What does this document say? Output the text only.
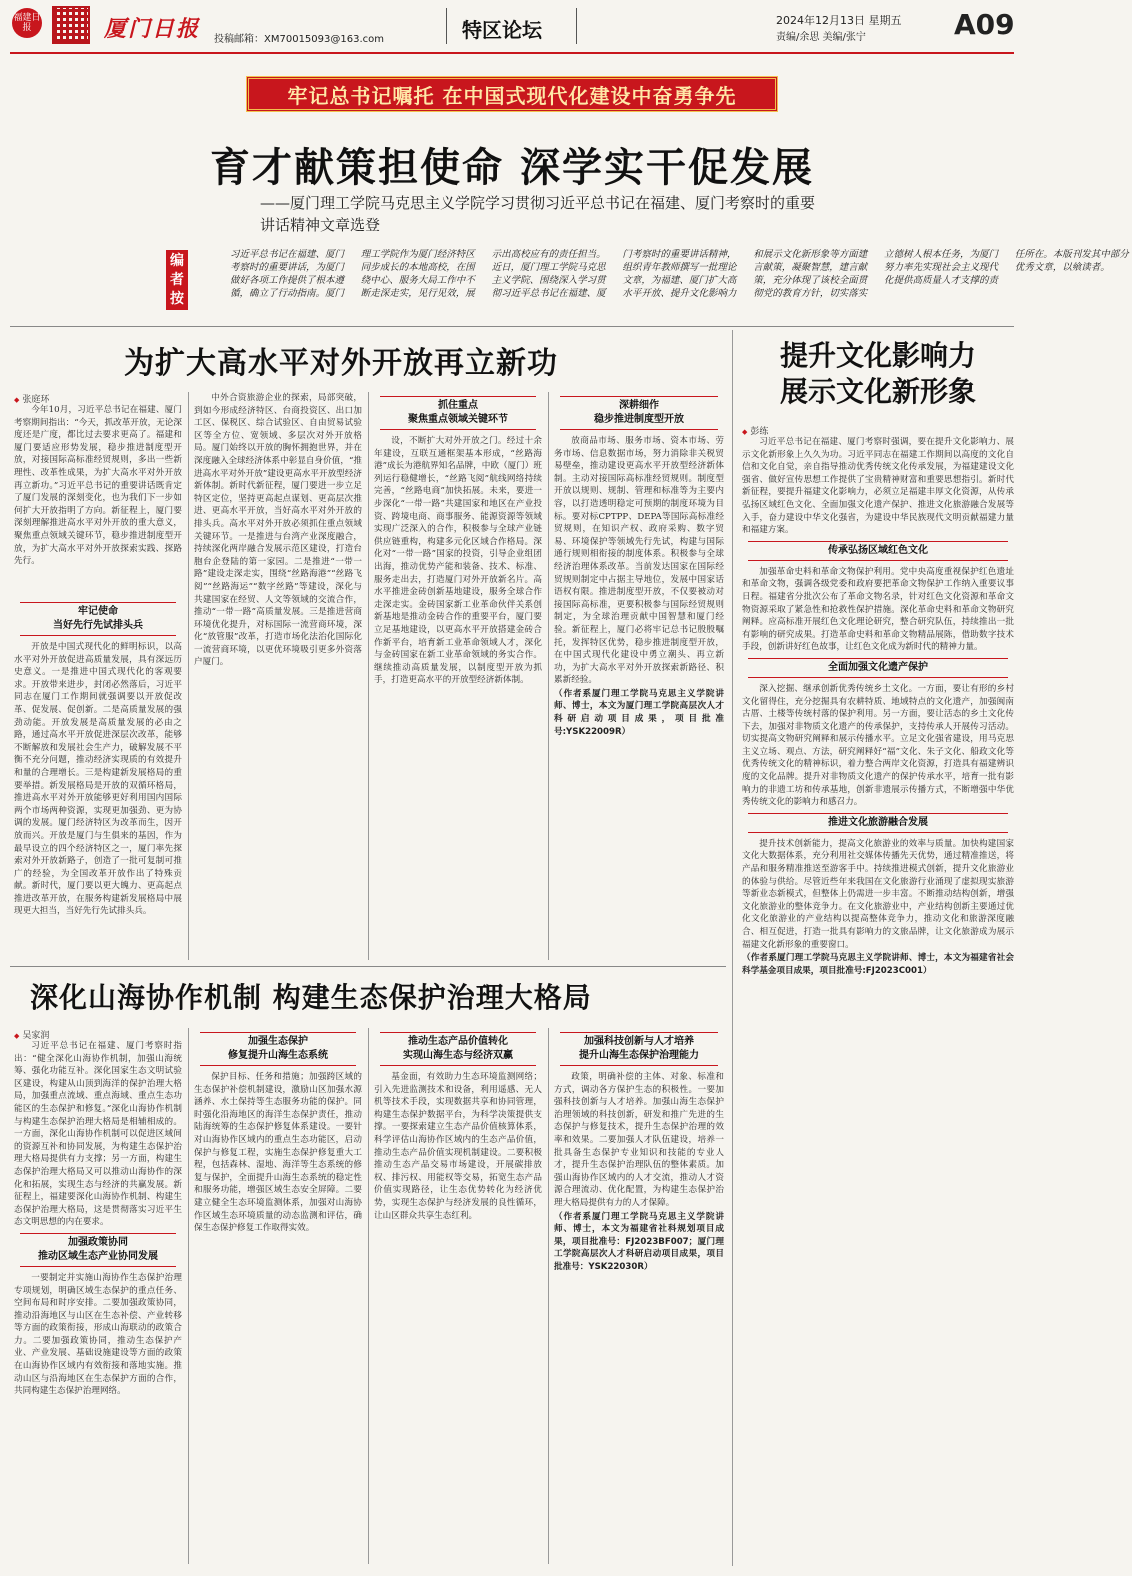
福建日报	厦门日报 投稿邮箱：XM70015093@163.com	特区论坛	2024年12月13日 星期五
责编/余思 美编/张宁	A09
牢记总书记嘱托 在中国式现代化建设中奋勇争先
育才献策担使命 深学实干促发展
——厦门理工学院马克思主义学院学习贯彻习近平总书记在福建、厦门考察时的重要讲话精神文章选登
编者按
习近平总书记在福建、厦门考察时的重要讲话，为厦门做好各项工作提供了根本遵循，确立了行动指南。厦门理工学院作为厦门经济特区同步成长的本地高校，在围绕中心、服务大局工作中不断走深走实，见行见效，展示出高校应有的责任担当。近日，厦门理工学院马克思主义学院、围绕深入学习贯彻习近平总书记在福建、厦门考察时的重要讲话精神，组织青年教师撰写一批理论文章，为福建、厦门扩大高水平开放、提升文化影响力和展示文化新形象等方面建言献策，凝聚智慧，建言献策，充分体现了该校全面贯彻党的教育方针，切实落实立德树人根本任务，为厦门努力率先实现社会主义现代化提供高质量人才支撑的责任所在。本版刊发其中部分优秀文章，以飨读者。
为扩大高水平对外开放再立新功
◆ 张庭环

今年10月，习近平总书记在福建、厦门考察期间指出：“今天，抓改革开放，无论深度还是广度，都比过去要求更高了。福建和厦门要适应形势发展，稳步推进制度型开放，对接国际高标准经贸规则，多出一些新理性、改革性成果，为扩大高水平对外开放再立新功。”习近平总书记的重要讲话既肯定了厦门发展的深刻变化，也为我们下一步如何扩大开放指明了方向。新征程上，厦门要深刻理解推进高水平对外开放的重大意义，聚焦重点领域关键环节，稳步推进制度型开放，为扩大高水平对外开放探索实践、探路先行。

牢记使命
当好先行先试排头兵

开放是中国式现代化的鲜明标识，以高水平对外开放促进高质量发展，具有深远历史意义。一是推进中国式现代化的客观要求。开放带来进步，封闭必然落后，习近平同志在厦门工作期间就强调要以开放促改革、促发展、促创新。二是高质量发展的强劲动能。开放发展是高质量发展的必由之路，通过高水平开放促进深层次改革，能够不断解放和发展社会生产力，破解发展不平衡不充分问题，推动经济实现质的有效提升和量的合理增长。三是构建新发展格局的重要举措。新发展格局是开放的双循环格局，推进高水平对外开放能够更好利用国内国际两个市场两种资源，实现更加强劲、更为协调的发展。厦门经济特区为改革而生，因开放而兴。开放是厦门与生俱来的基因，作为最早设立的四个经济特区之一，厦门率先探索对外开放新路子，创造了一批可复制可推广的经验，为全国改革开放作出了特殊贡献。新时代，厦门要以更大魄力、更高起点推进改革开放，在服务构建新发展格局中展现更大担当，当好先行先试排头兵。

中外合资旅游企业的探索，局部突破，到如今形成经济特区、台商投资区、出口加工区、保税区、综合试验区、自由贸易试验区等全方位、宽领域、多层次对外开放格局。厦门始终以开放的胸怀拥抱世界，并在深度融入全球经济体系中彰显自身价值，“推进高水平对外开放”建设更高水平开放型经济新体制。新时代新征程，厦门要进一步立足特区定位，坚持更高起点谋划、更高层次推进、更高水平开放，当好高水平对外开放的排头兵。高水平对外开放必须抓住重点领域关键环节。一是推进与台湾产业深度融合，持续深化两岸融合发展示范区建设，打造台胞台企登陆的第一家园。二是推进“一带一路”建设走深走实，围绕“丝路海港”“丝路飞阅”“丝路海运”“数字丝路”等建设，深化与共建国家在经贸、人文等领域的交流合作，推动“一带一路”高质量发展。三是推进营商环境优化提升，对标国际一流营商环境，深化“放管服”改革，打造市场化法治化国际化一流营商环境，以更优环境吸引更多外资落户厦门。

抓住重点
聚焦重点领域关键环节

设，不断扩大对外开放之门。经过十余年建设，互联互通框架基本形成，“丝路海港”成长为港航界知名品牌，中欧（厦门）班列运行稳健增长，“丝路飞阅”航线网络持续完善，“丝路电商”加快拓展。未来，要进一步深化“一带一路”共建国家和地区在产业投资、跨境电商、商事服务、能源资源等领域实现广泛深入的合作，积极参与全球产业链供应链重构，构建多元化区域合作格局。深化对“一带一路”国家的投资，引导企业组团出海，推动优势产能和装备、技术、标准、服务走出去，打造厦门对外开放新名片。高水平推进金砖创新基地建设，服务全球合作走深走实。金砖国家新工业革命伙伴关系创新基地是推动金砖合作的重要平台，厦门要立足基地建设，以更高水平开放搭建金砖合作新平台，培育新工业革命领域人才，深化与金砖国家在新工业革命领域的务实合作。继续推动高质量发展，以制度型开放为抓手，打造更高水平的开放型经济新体制。

深耕细作
稳步推进制度型开放

放商品市场、服务市场、资本市场、劳务市场、信息数据市场，努力消除非关税贸易壁垒，推动建设更高水平开放型经济新体制。主动对接国际高标准经贸规则。制度型开放以规则、规制、管理和标准等为主要内容，以打造透明稳定可预期的制度环境为目标。要对标CPTPP、DEPA等国际高标准经贸规则，在知识产权、政府采购、数字贸易、环境保护等领域先行先试，构建与国际通行规则相衔接的制度体系。积极参与全球经济治理体系改革。当前发达国家在国际经贸规则制定中占据主导地位，发展中国家话语权有限。推进制度型开放，不仅要被动对接国际高标准，更要积极参与国际经贸规则制定，为全球治理贡献中国智慧和厦门经验。新征程上，厦门必将牢记总书记殷殷嘱托，发挥特区优势，稳步推进制度型开放，在中国式现代化建设中勇立潮头、再立新功，为扩大高水平对外开放探索新路径、积累新经验。

（作者系厦门理工学院马克思主义学院讲师、博士，本文为厦门理工学院高层次人才科研启动项目成果，项目批准号:YSK22009R）

提升文化影响力
展示文化新形象
◆ 彭练

习近平总书记在福建、厦门考察时强调，要在提升文化影响力、展示文化新形象上久久为功。习近平同志在福建工作期间以高度的文化自信和文化自觉，亲自指导推动优秀传统文化传承发展，为福建建设文化强省、做好宣传思想工作提供了宝贵精神财富和重要思想指引。新时代新征程，要提升福建文化影响力，必须立足福建丰厚文化资源，从传承弘扬区域红色文化、全面加强文化遗产保护、推进文化旅游融合发展等入手，奋力建设中华文化强省，为建设中华民族现代文明贡献福建力量和福建方案。

传承弘扬区域红色文化

加强革命史料和革命文物保护利用。党中央高度重视保护红色遗址和革命文物，强调各级党委和政府要把革命文物保护工作纳入重要议事日程。福建省分批次公布了革命文物名录，针对红色文化资源和革命文物资源采取了紧急性和抢救性保护措施。深化革命史料和革命文物研究阐释。应高标准开展红色文化理论研究，整合研究队伍，持续推出一批有影响的研究成果。打造革命史料和革命文物精品展陈，借助数字技术手段，创新讲好红色故事，让红色文化成为新时代的精神力量。

全面加强文化遗产保护

深入挖掘、继承创新优秀传统乡土文化。一方面，要让有形的乡村文化留得住，充分挖掘具有农耕特质、地域特点的文化遗产，加强闽南古厝、土楼等传统村落的保护利用。另一方面，要让活态的乡土文化传下去，加强对非物质文化遗产的传承保护，支持传承人开展传习活动。切实提高文物研究阐释和展示传播水平。立足文化强省建设，用马克思主义立场、观点、方法，研究阐释好“福”文化、朱子文化、船政文化等优秀传统文化的精神标识，着力整合两岸文化资源，打造具有福建辨识度的文化品牌。提升对非物质文化遗产的保护传承水平，培育一批有影响力的非遗工坊和传承基地，创新非遗展示传播方式，不断增强中华优秀传统文化的影响力和感召力。

推进文化旅游融合发展

提升技术创新能力，提高文化旅游业的效率与质量。加快构建国家文化大数据体系，充分利用社交媒体传播先天优势，通过精准推送，将产品和服务精准推送至游客手中。持续推进模式创新，提升文化旅游业的体验与供给。尽管近些年来我国在文化旅游行业涌现了虚拟现实旅游等新业态新模式，但整体上仍需进一步丰富。不断推动结构创新，增强文化旅游业的整体竞争力。在文化旅游业中，产业结构创新主要通过优化文化旅游业的产业结构以提高整体竞争力，推动文化和旅游深度融合、相互促进，打造一批具有影响力的文旅品牌，让文化旅游成为展示福建文化新形象的重要窗口。

（作者系厦门理工学院马克思主义学院讲师、博士，本文为福建省社会科学基金项目成果，项目批准号:FJ2023C001）

深化山海协作机制 构建生态保护治理大格局
◆ 吴家润

习近平总书记在福建、厦门考察时指出：“健全深化山海协作机制，加强山海统筹、强化功能互补。深化国家生态文明试验区建设，构建从山顶到海洋的保护治理大格局，加强重点流域、重点海域、重点生态功能区的生态保护和修复。”深化山海协作机制与构建生态保护治理大格局是相辅相成的。一方面，深化山海协作机制可以促进区域间的资源互补和协同发展，为构建生态保护治理大格局提供有力支撑；另一方面，构建生态保护治理大格局又可以推动山海协作的深化和拓展，实现生态与经济的共赢发展。新征程上，福建要深化山海协作机制、构建生态保护治理大格局，这是贯彻落实习近平生态文明思想的内在要求。

加强政策协同
推动区域生态产业协同发展

一要制定并实施山海协作生态保护治理专项规划，明确区域生态保护的重点任务、空间布局和时序安排。二要加强政策协同，推动沿海地区与山区在生态补偿、产业转移等方面的政策衔接，形成山海联动的政策合力。二要加强政策协同，推动生态保护产业、产业发展、基础设施建设等方面的政策在山海协作区域内有效衔接和落地实施。推动山区与沿海地区在生态保护方面的合作，共同构建生态保护治理网络。

加强生态保护
修复提升山海生态系统

保护目标、任务和措施；加强跨区域的生态保护补偿机制建设，激励山区加强水源涵养、水土保持等生态服务功能的保护。同时强化沿海地区的海洋生态保护责任，推动陆海统筹的生态保护修复体系建设。一要针对山海协作区域内的重点生态功能区，启动保护与修复工程，实施生态保护修复重大工程，包括森林、湿地、海洋等生态系统的修复与保护，全面提升山海生态系统的稳定性和服务功能，增强区域生态安全屏障。二要建立健全生态环境监测体系，加强对山海协作区域生态环境质量的动态监测和评估，确保生态保护修复工作取得实效。

推动生态产品价值转化
实现山海生态与经济双赢

基金面，有效助力生态环境监测网络；引入先进监测技术和设备，利用遥感、无人机等技术手段，实现数据共享和协同管理，构建生态保护数据平台，为科学决策提供支撑。一要探索建立生态产品价值核算体系，科学评估山海协作区域内的生态产品价值，推动生态产品价值实现机制建设。二要积极推动生态产品交易市场建设，开展碳排放权、排污权、用能权等交易，拓宽生态产品价值实现路径，让生态优势转化为经济优势，实现生态保护与经济发展的良性循环，让山区群众共享生态红利。

加强科技创新与人才培养
提升山海生态保护治理能力

政策，明确补偿的主体、对象、标准和方式，调动各方保护生态的积极性。一要加强科技创新与人才培养。加强山海生态保护治理领域的科技创新，研发和推广先进的生态保护与修复技术，提升生态保护治理的效率和效果。二要加强人才队伍建设，培养一批具备生态保护专业知识和技能的专业人才，提升生态保护治理队伍的整体素质。加强山海协作区域内的人才交流，推动人才资源合理流动、优化配置，为构建生态保护治理大格局提供有力的人才保障。

（作者系厦门理工学院马克思主义学院讲师、博士，本文为福建省社科规划项目成果，项目批准号：FJ2023BF007；厦门理工学院高层次人才科研启动项目成果，项目批准号：YSK22030R）
